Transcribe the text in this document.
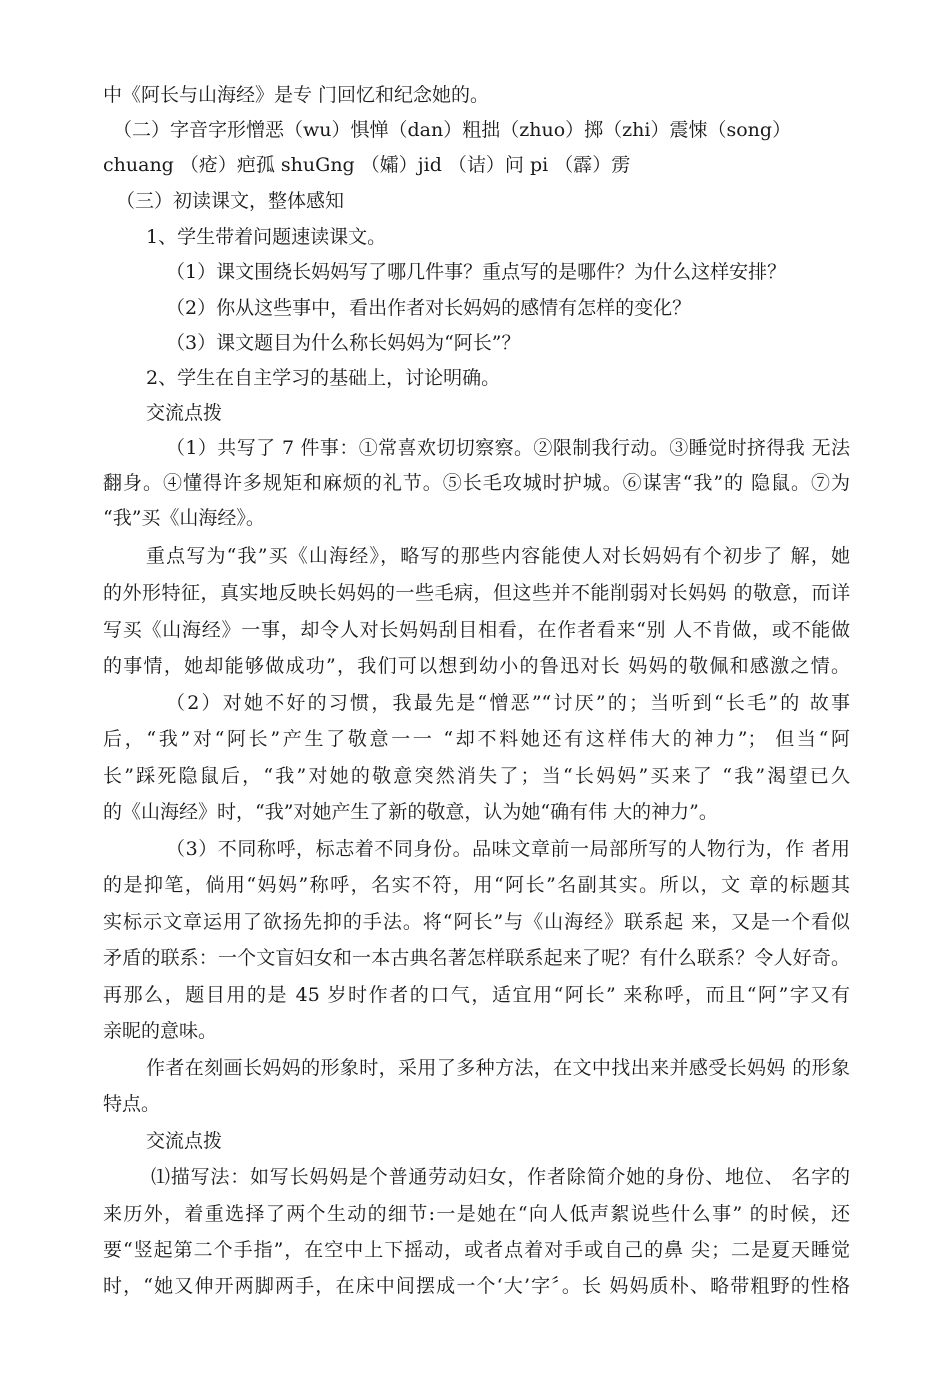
中《阿长与山海经》是专 门回忆和纪念她的。
（二）字音字形憎恶（wu）惧惮（dan）粗拙（zhuo）掷（zhi）震悚（song）
chuang （疮）疤孤 shuGng （孀）jid （诘）问 pi （霹）雳
（三）初读课文，整体感知
1、学生带着问题速读课文。
（1）课文围绕长妈妈写了哪几件事？重点写的是哪件？为什么这样安排？
（2）你从这些事中，看出作者对长妈妈的感情有怎样的变化？
（3）课文题目为什么称长妈妈为“阿长”？
2、学生在自主学习的基础上，讨论明确。
交流点拨
（1）共写了 7 件事：①常喜欢切切察察。②限制我行动。③睡觉时挤得我 无法
翻身。④懂得许多规矩和麻烦的礼节。⑤长毛攻城时护城。⑥谋害“我”的 隐鼠。⑦为
“我”买《山海经》。
重点写为“我”买《山海经》，略写的那些内容能使人对长妈妈有个初步了 解，她
的外形特征，真实地反映长妈妈的一些毛病，但这些并不能削弱对长妈妈 的敬意，而详
写买《山海经》一事，却令人对长妈妈刮目相看，在作者看来“别 人不肯做，或不能做
的事情，她却能够做成功”，我们可以想到幼小的鲁迅对长 妈妈的敬佩和感激之情。
（2）对她不好的习惯，我最先是“憎恶”“讨厌”的；当听到“长毛”的 故事
后，“我”对“阿长”产生了敬意一一 “却不料她还有这样伟大的神力”； 但当“阿
长”踩死隐鼠后，“我”对她的敬意突然消失了；当“长妈妈”买来了 “我”渴望已久
的《山海经》时，“我”对她产生了新的敬意，认为她“确有伟 大的神力”。
（3）不同称呼，标志着不同身份。品味文章前一局部所写的人物行为，作 者用
的是抑笔，倘用“妈妈”称呼，名实不符，用“阿长”名副其实。所以，文 章的标题其
实标示文章运用了欲扬先抑的手法。将“阿长”与《山海经》联系起 来，又是一个看似
矛盾的联系：一个文盲妇女和一本古典名著怎样联系起来了呢？有什么联系？令人好奇。
再那么，题目用的是 45 岁时作者的口气，适宜用“阿长” 来称呼，而且“阿”字又有
亲昵的意味。
作者在刻画长妈妈的形象时，采用了多种方法，在文中找出来并感受长妈妈 的形象
特点。
交流点拨
⑴描写法：如写长妈妈是个普通劳动妇女，作者除简介她的身份、地位、 名字的
来历外，着重选择了两个生动的细节:一是她在“向人低声絮说些什么事” 的时候，还
要“竖起第二个手指”，在空中上下摇动，或者点着对手或自己的鼻 尖；二是夏天睡觉
时，“她又伸开两脚两手，在床中间摆成一个‘大’字〞。长 妈妈质朴、略带粗野的性格
